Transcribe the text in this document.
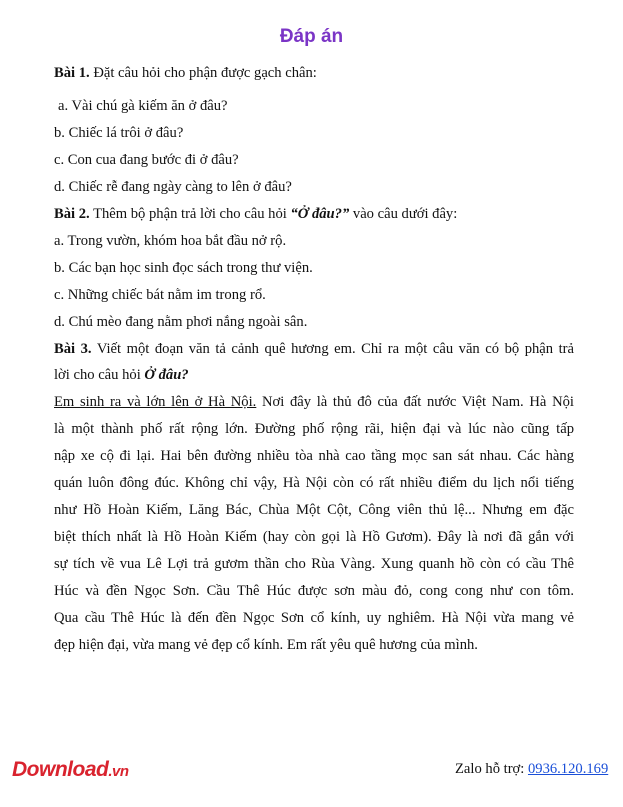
Đáp án
Bài 1. Đặt câu hỏi cho phận được gạch chân:
a. Vài chú gà kiếm ăn ở đâu?
b. Chiếc lá trôi ở đâu?
c. Con cua đang bước đi ở đâu?
d. Chiếc rễ đang ngày càng to lên ở đâu?
Bài 2. Thêm bộ phận trả lời cho câu hỏi “Ở đâu?” vào câu dưới đây:
a. Trong vườn, khóm hoa bắt đầu nở rộ.
b. Các bạn học sinh đọc sách trong thư viện.
c. Những chiếc bát nằm im trong rổ.
d. Chú mèo đang nằm phơi nắng ngoài sân.
Bài 3. Viết một đoạn văn tả cảnh quê hương em. Chỉ ra một câu văn có bộ phận trả
lời cho câu hỏi Ở đâu?
Em sinh ra và lớn lên ở Hà Nội. Nơi đây là thủ đô của đất nước Việt Nam. Hà Nội
là một thành phố rất rộng lớn. Đường phố rộng rãi, hiện đại và lúc nào cũng tấp
nập xe cộ đi lại. Hai bên đường nhiều tòa nhà cao tầng mọc san sát nhau. Các hàng
quán luôn đông đúc. Không chỉ vậy, Hà Nội còn có rất nhiều điểm du lịch nổi tiếng
như Hồ Hoàn Kiếm, Lăng Bác, Chùa Một Cột, Công viên thủ lệ... Nhưng em đặc
biệt thích nhất là Hồ Hoàn Kiếm (hay còn gọi là Hồ Gươm). Đây là nơi đã gắn với
sự tích về vua Lê Lợi trả gươm thần cho Rùa Vàng. Xung quanh hồ còn có cầu Thê
Húc và đền Ngọc Sơn. Cầu Thê Húc được sơn màu đỏ, cong cong như con tôm.
Qua cầu Thê Húc là đến đền Ngọc Sơn cổ kính, uy nghiêm. Hà Nội vừa mang vẻ
đẹp hiện đại, vừa mang vẻ đẹp cổ kính. Em rất yêu quê hương của mình.
Download.vn	Zalo hỗ trợ: 0936.120.169
